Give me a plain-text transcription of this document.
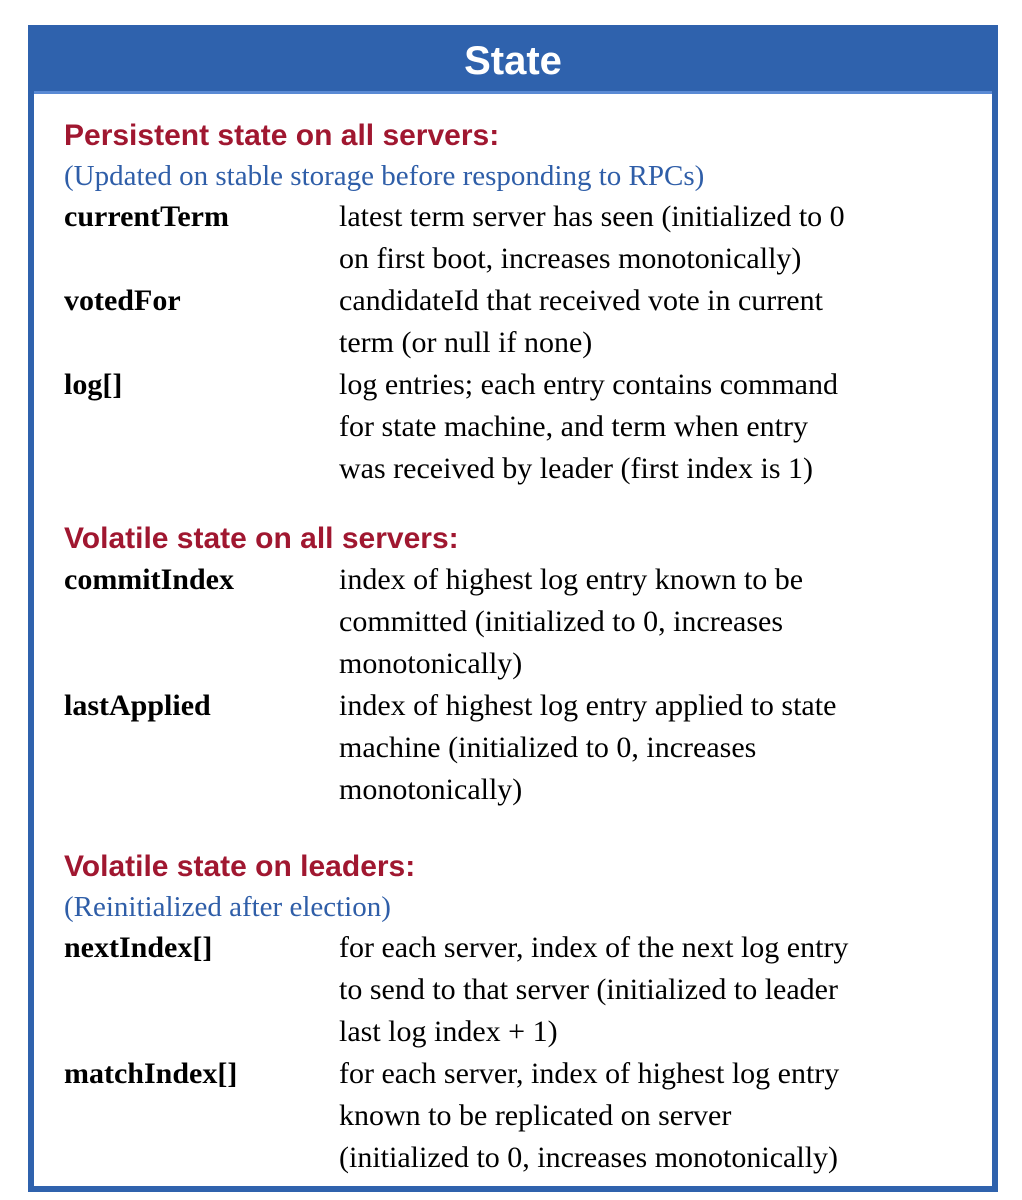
State

Persistent state on all servers:

(Updated on stable storage before responding to RPCs)

currentTerm	latest term server has seen (initialized to 0
on first boot, increases monotonically)
votedFor	candidateId that received vote in current
term (or null if none)
log[]	log entries; each entry contains command
for state machine, and term when entry
was received by leader (first index is 1)

Volatile state on all servers:

commitIndex	index of highest log entry known to be
committed (initialized to 0, increases
monotonically)
lastApplied	index of highest log entry applied to state
machine (initialized to 0, increases
monotonically)

Volatile state on leaders:

(Reinitialized after election)

nextIndex[]	for each server, index of the next log entry
to send to that server (initialized to leader
last log index + 1)
matchIndex[]	for each server, index of highest log entry
known to be replicated on server
(initialized to 0, increases monotonically)
